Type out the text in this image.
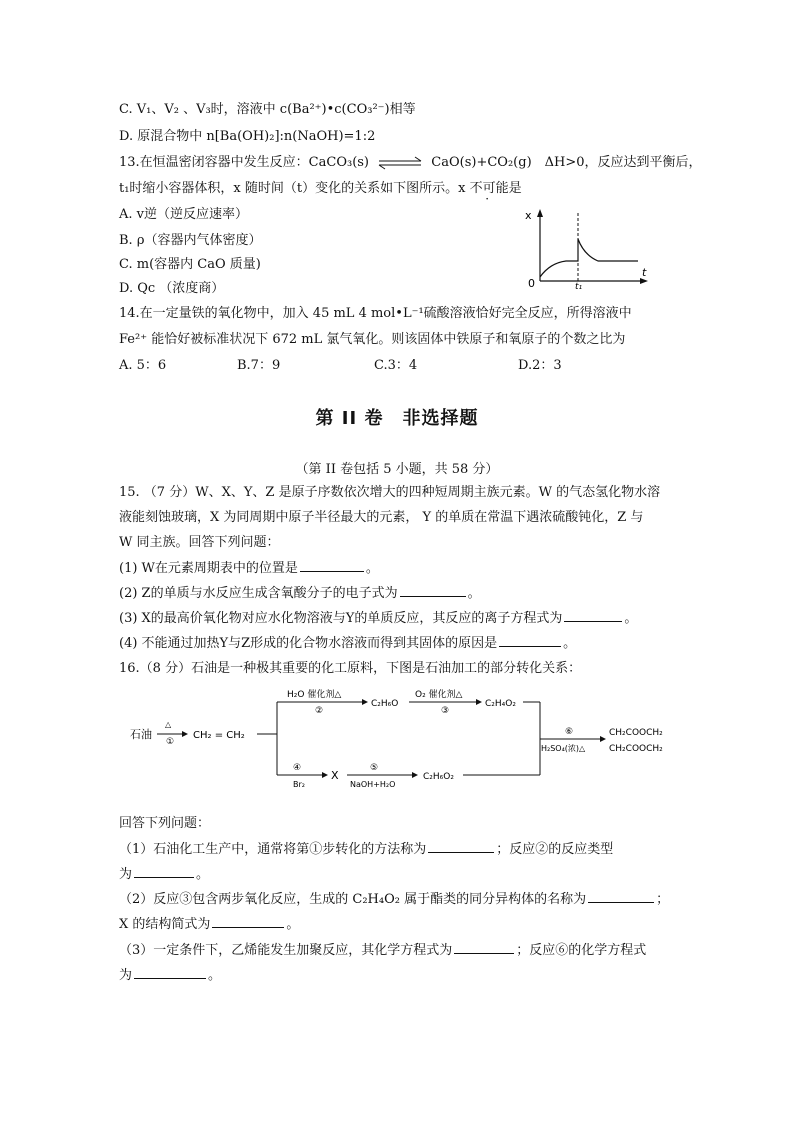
C. V₁、V₂ 、V₃时，溶液中 c(Ba²⁺)•c(CO₃²⁻)相等
D. 原混合物中 n[Ba(OH)₂]:n(NaOH)=1:2
13.在恒温密闭容器中发生反应：CaCO₃(s) ⇌ CaO(s)+CO₂(g)　ΔH>0，反应达到平衡后，
t₁时缩小容器体积，x 随时间（t）变化的关系如下图所示。x 不可能是
A. v逆（逆反应速率）
B. ρ（容器内气体密度）
C. m(容器内 CaO 质量)
D. Qc （浓度商）
x
t
0	t₁
14.在一定量铁的氧化物中，加入 45 mL 4 mol•L⁻¹硫酸溶液恰好完全反应，所得溶液中
Fe²⁺ 能恰好被标准状况下 672 mL 氯气氧化。则该固体中铁原子和氧原子的个数之比为
A. 5：6	B.7：9	C.3：4	D.2：3
第 II 卷　非选择题
（第 II 卷包括 5 小题，共 58 分）
15. （7 分）W、X、Y、Z 是原子序数依次增大的四种短周期主族元素。W 的气态氢化物水溶
液能刻蚀玻璃，X 为同周期中原子半径最大的元素， Y 的单质在常温下遇浓硫酸钝化，Z 与
W 同主族。回答下列问题：
(1) W在元素周期表中的位置是	。
(2) Z的单质与水反应生成含氧酸分子的电子式为	。
(3) X的最高价氧化物对应水化物溶液与Y的单质反应，其反应的离子方程式为	。
(4) 不能通过加热Y与Z形成的化合物水溶液而得到其固体的原因是	。
16.（8 分）石油是一种极其重要的化工原料，下图是石油加工的部分转化关系：
石油
△
①
CH₂ = CH₂
H₂O 催化剂△
②
C₂H₆O
O₂ 催化剂△
③
C₂H₄O₂
④
Br₂
X
⑤
NaOH+H₂O
C₂H₆O₂
⑥
H₂SO₄(浓)△
CH₂COOCH₂
CH₂COOCH₂
回答下列问题：
（1）石油化工生产中，通常将第①步转化的方法称为	；反应②的反应类型
为	。
（2）反应③包含两步氧化反应，生成的 C₂H₄O₂ 属于酯类的同分异构体的名称为	；
X 的结构简式为	。
（3）一定条件下，乙烯能发生加聚反应，其化学方程式为	；反应⑥的化学方程式
为	。
